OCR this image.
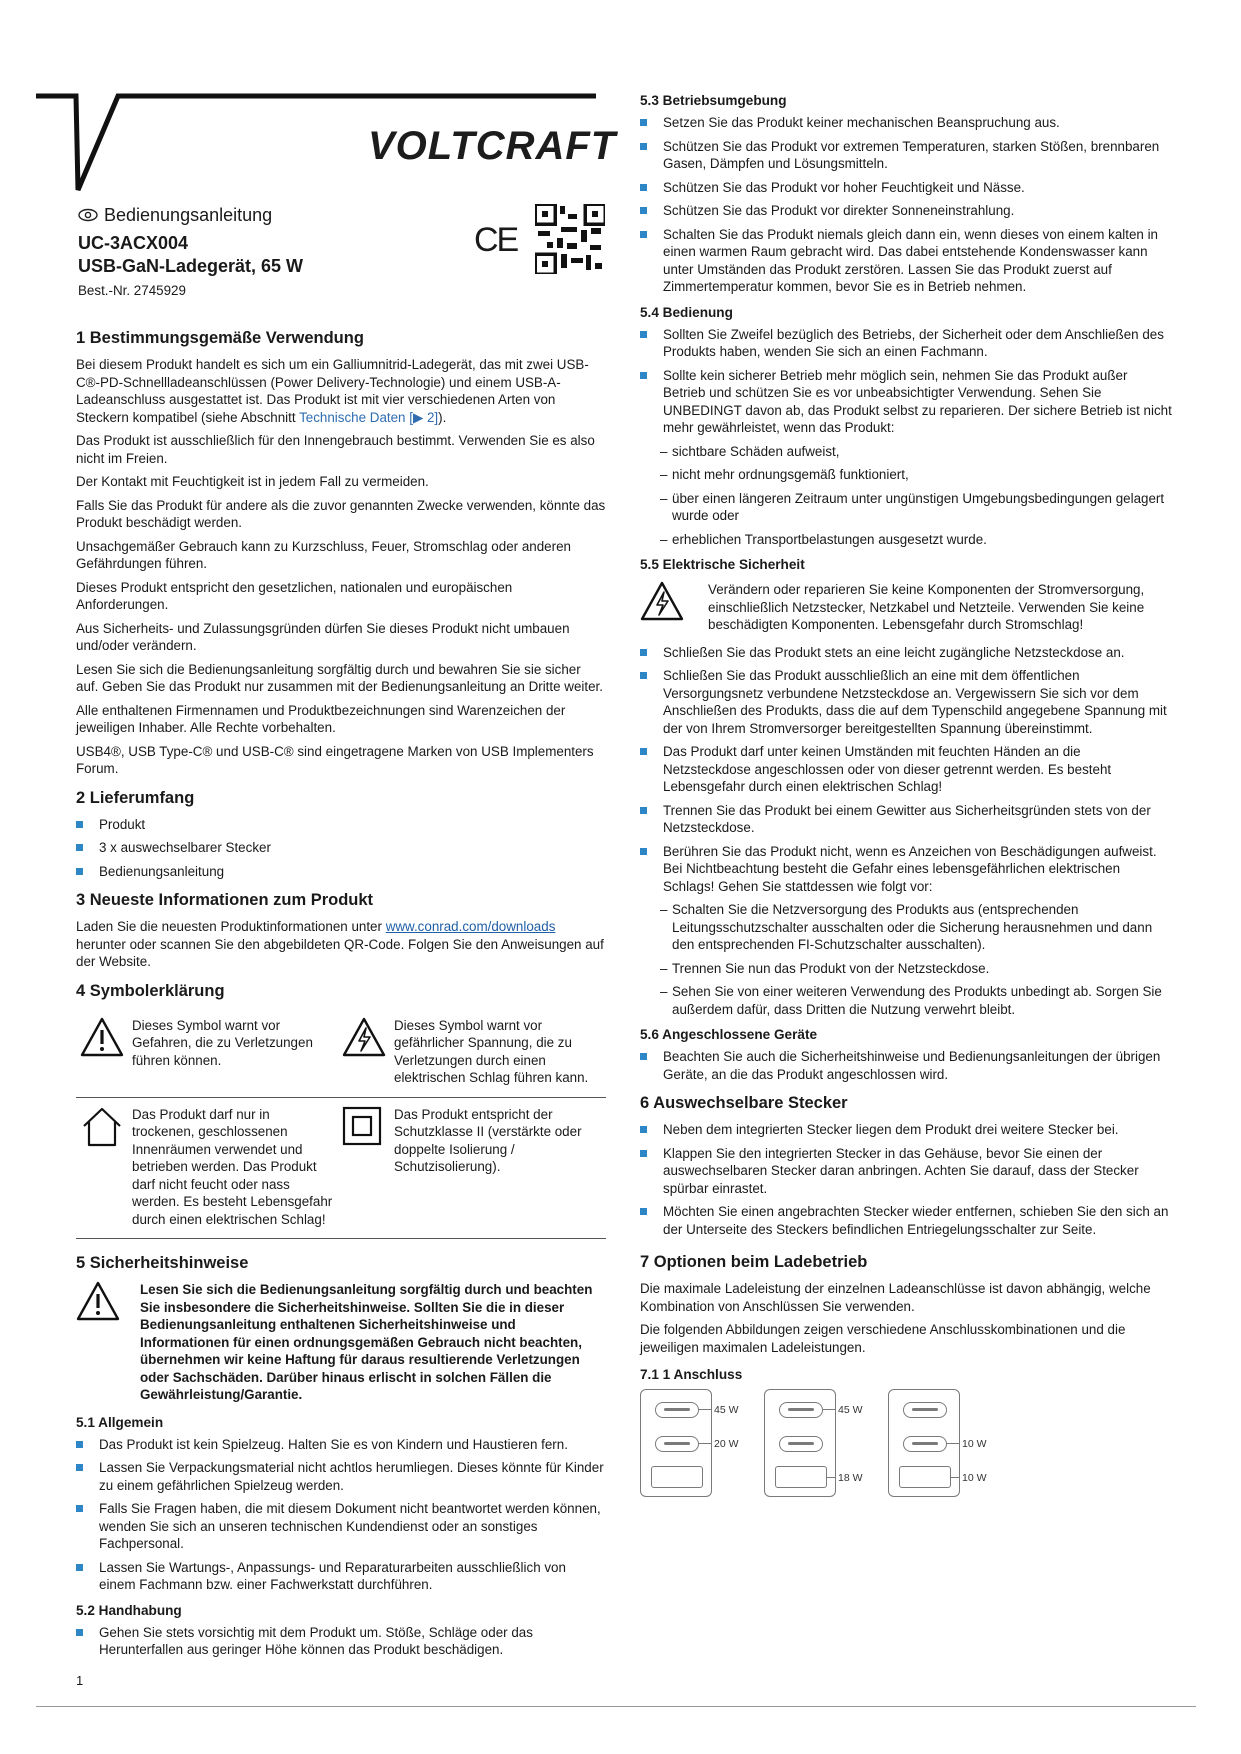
VOLTCRAFT
Bedienungsanleitung
UC-3ACX004
USB-GaN-Ladegerät, 65 W
Best.-Nr. 2745929
CE
1 Bestimmungsgemäße Verwendung

Bei diesem Produkt handelt es sich um ein Galliumnitrid-Ladegerät, das mit zwei USB-C®-PD-Schnellladeanschlüssen (Power Delivery-Technologie) und einem USB-A-Ladeanschluss ausgestattet ist. Das Produkt ist mit vier verschiedenen Arten von Steckern kompatibel (siehe Abschnitt Technische Daten [▶ 2]).

Das Produkt ist ausschließlich für den Innengebrauch bestimmt. Verwenden Sie es also nicht im Freien.

Der Kontakt mit Feuchtigkeit ist in jedem Fall zu vermeiden.

Falls Sie das Produkt für andere als die zuvor genannten Zwecke verwenden, könnte das Produkt beschädigt werden.

Unsachgemäßer Gebrauch kann zu Kurzschluss, Feuer, Stromschlag oder anderen Gefährdungen führen.

Dieses Produkt entspricht den gesetzlichen, nationalen und europäischen Anforderungen.

Aus Sicherheits- und Zulassungsgründen dürfen Sie dieses Produkt nicht umbauen und/oder verändern.

Lesen Sie sich die Bedienungsanleitung sorgfältig durch und bewahren Sie sie sicher auf. Geben Sie das Produkt nur zusammen mit der Bedienungsanleitung an Dritte weiter.

Alle enthaltenen Firmennamen und Produktbezeichnungen sind Warenzeichen der jeweiligen Inhaber. Alle Rechte vorbehalten.

USB4®, USB Type-C® und USB-C® sind eingetragene Marken von USB Implementers Forum.

2 Lieferumfang
Produkt
3 x auswechselbarer Stecker
Bedienungsanleitung
3 Neueste Informationen zum Produkt

Laden Sie die neuesten Produktinformationen unter www.conrad.com/downloads herunter oder scannen Sie den abgebildeten QR-Code. Folgen Sie den Anweisungen auf der Website.

4 Symbolerklärung
	Dieses Symbol warnt vor Gefahren, die zu Verletzungen führen können.		Dieses Symbol warnt vor gefährlicher Spannung, die zu Verletzungen durch einen elektrischen Schlag führen kann.
	Das Produkt darf nur in trockenen, geschlossenen Innenräumen verwendet und betrieben werden. Das Produkt darf nicht feucht oder nass werden. Es besteht Lebensgefahr durch einen elektrischen Schlag!		Das Produkt entspricht der Schutzklasse II (verstärkte oder doppelte Isolierung / Schutzisolierung).
5 Sicherheitshinweise
Lesen Sie sich die Bedienungsanleitung sorgfältig durch und beachten Sie insbesondere die Sicherheitshinweise. Sollten Sie die in dieser Bedienungsanleitung enthaltenen Sicherheitshinweise und Informationen für einen ordnungsgemäßen Gebrauch nicht beachten, übernehmen wir keine Haftung für daraus resultierende Verletzungen oder Sachschäden. Darüber hinaus erlischt in solchen Fällen die Gewährleistung/Garantie.
5.1 Allgemein
Das Produkt ist kein Spielzeug. Halten Sie es von Kindern und Haustieren fern.
Lassen Sie Verpackungsmaterial nicht achtlos herumliegen. Dieses könnte für Kinder zu einem gefährlichen Spielzeug werden.
Falls Sie Fragen haben, die mit diesem Dokument nicht beantwortet werden können, wenden Sie sich an unseren technischen Kundendienst oder an sonstiges Fachpersonal.
Lassen Sie Wartungs-, Anpassungs- und Reparaturarbeiten ausschließlich von einem Fachmann bzw. einer Fachwerkstatt durchführen.
5.2 Handhabung
Gehen Sie stets vorsichtig mit dem Produkt um. Stöße, Schläge oder das Herunterfallen aus geringer Höhe können das Produkt beschädigen.
5.3 Betriebsumgebung
Setzen Sie das Produkt keiner mechanischen Beanspruchung aus.
Schützen Sie das Produkt vor extremen Temperaturen, starken Stößen, brennbaren Gasen, Dämpfen und Lösungsmitteln.
Schützen Sie das Produkt vor hoher Feuchtigkeit und Nässe.
Schützen Sie das Produkt vor direkter Sonneneinstrahlung.
Schalten Sie das Produkt niemals gleich dann ein, wenn dieses von einem kalten in einen warmen Raum gebracht wird. Das dabei entstehende Kondenswasser kann unter Umständen das Produkt zerstören. Lassen Sie das Produkt zuerst auf Zimmertemperatur kommen, bevor Sie es in Betrieb nehmen.
5.4 Bedienung
Sollten Sie Zweifel bezüglich des Betriebs, der Sicherheit oder dem Anschließen des Produkts haben, wenden Sie sich an einen Fachmann.
Sollte kein sicherer Betrieb mehr möglich sein, nehmen Sie das Produkt außer Betrieb und schützen Sie es vor unbeabsichtigter Verwendung. Sehen Sie UNBEDINGT davon ab, das Produkt selbst zu reparieren. Der sichere Betrieb ist nicht mehr gewährleistet, wenn das Produkt:
– sichtbare Schäden aufweist,
– nicht mehr ordnungsgemäß funktioniert,
– über einen längeren Zeitraum unter ungünstigen Umgebungsbedingungen gelagert wurde oder
– erheblichen Transportbelastungen ausgesetzt wurde.
5.5 Elektrische Sicherheit
Verändern oder reparieren Sie keine Komponenten der Stromversorgung, einschließlich Netzstecker, Netzkabel und Netzteile. Verwenden Sie keine beschädigten Komponenten. Lebensgefahr durch Stromschlag!
Schließen Sie das Produkt stets an eine leicht zugängliche Netzsteckdose an.
Schließen Sie das Produkt ausschließlich an eine mit dem öffentlichen Versorgungsnetz verbundene Netzsteckdose an. Vergewissern Sie sich vor dem Anschließen des Produkts, dass die auf dem Typenschild angegebene Spannung mit der von Ihrem Stromversorger bereitgestellten Spannung übereinstimmt.
Das Produkt darf unter keinen Umständen mit feuchten Händen an die Netzsteckdose angeschlossen oder von dieser getrennt werden. Es besteht Lebensgefahr durch einen elektrischen Schlag!
Trennen Sie das Produkt bei einem Gewitter aus Sicherheitsgründen stets von der Netzsteckdose.
Berühren Sie das Produkt nicht, wenn es Anzeichen von Beschädigungen aufweist. Bei Nichtbeachtung besteht die Gefahr eines lebensgefährlichen elektrischen Schlags! Gehen Sie stattdessen wie folgt vor:
– Schalten Sie die Netzversorgung des Produkts aus (entsprechenden Leitungsschutzschalter ausschalten oder die Sicherung herausnehmen und dann den entsprechenden FI-Schutzschalter ausschalten).
– Trennen Sie nun das Produkt von der Netzsteckdose.
– Sehen Sie von einer weiteren Verwendung des Produkts unbedingt ab. Sorgen Sie außerdem dafür, dass Dritten die Nutzung verwehrt bleibt.
5.6 Angeschlossene Geräte
Beachten Sie auch die Sicherheitshinweise und Bedienungsanleitungen der übrigen Geräte, an die das Produkt angeschlossen wird.
6 Auswechselbare Stecker
Neben dem integrierten Stecker liegen dem Produkt drei weitere Stecker bei.
Klappen Sie den integrierten Stecker in das Gehäuse, bevor Sie einen der auswechselbaren Stecker daran anbringen. Achten Sie darauf, dass der Stecker spürbar einrastet.
Möchten Sie einen angebrachten Stecker wieder entfernen, schieben Sie den sich an der Unterseite des Steckers befindlichen Entriegelungsschalter zur Seite.
7 Optionen beim Ladebetrieb

Die maximale Ladeleistung der einzelnen Ladeanschlüsse ist davon abhängig, welche Kombination von Anschlüssen Sie verwenden.

Die folgenden Abbildungen zeigen verschiedene Anschlusskombinationen und die jeweiligen maximalen Ladeleistungen.

7.1 1 Anschluss
45 W
20 W
45 W
18 W
10 W
10 W
1
